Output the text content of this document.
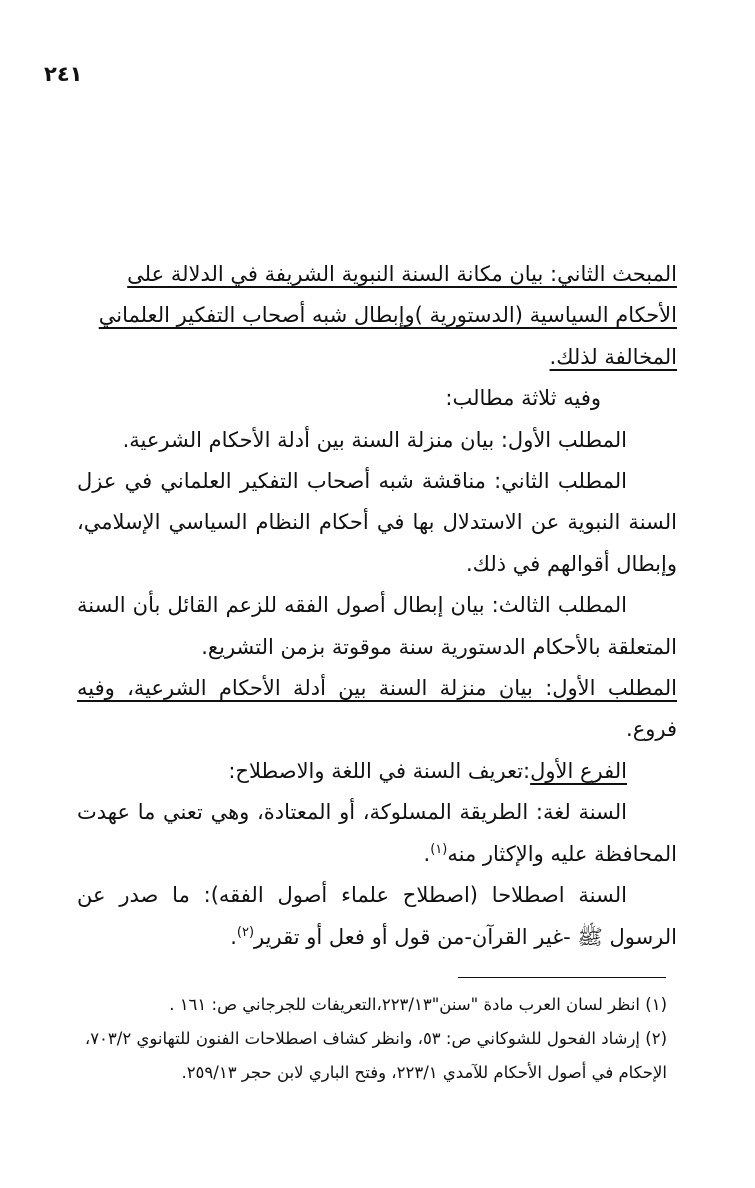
٢٤١

المبحث الثاني: بيان مكانة السنة النبوية الشريفة في الدلالة على

الأحكام السياسية (الدستورية )وإبطال شبه أصحاب التفكير العلماني

المخالفة لذلك.

وفيه ثلاثة مطالب:

المطلب الأول: بيان منزلة السنة بين أدلة الأحكام الشرعية.

المطلب الثاني: مناقشة شبه أصحاب التفكير العلماني في عزل السنة النبوية عن الاستدلال بها في أحكام النظام السياسي الإسلامي، وإبطال أقوالهم في ذلك.

المطلب الثالث: بيان إبطال أصول الفقه للزعم القائل بأن السنة المتعلقة بالأحكام الدستورية سنة موقوتة بزمن التشريع.

المطلب الأول: بيان منزلة السنة بين أدلة الأحكام الشرعية، وفيه فروع.

الفرع الأول:تعريف السنة في اللغة والاصطلاح:

السنة لغة: الطريقة المسلوكة، أو المعتادة، وهي تعني ما عهدت المحافظة عليه والإكثار منه$^{(١)}$.

السنة اصطلاحا (اصطلاح علماء أصول الفقه): ما صدر عن الرسول ﷺ -غير القرآن-من قول أو فعل أو تقرير$^{(٢)}$.

(١) انظر لسان العرب مادة "سنن"٢٢٣/١٣،التعريفات للجرجاني ص: ١٦١ .

(٢) إرشاد الفحول للشوكاني ص: ٥٣، وانظر كشاف اصطلاحات الفنون للتهانوي ٧٠٣/٢،

الإحكام في أصول الأحكام للآمدي ٢٢٣/١، وفتح الباري لابن حجر ٢٥٩/١٣.
